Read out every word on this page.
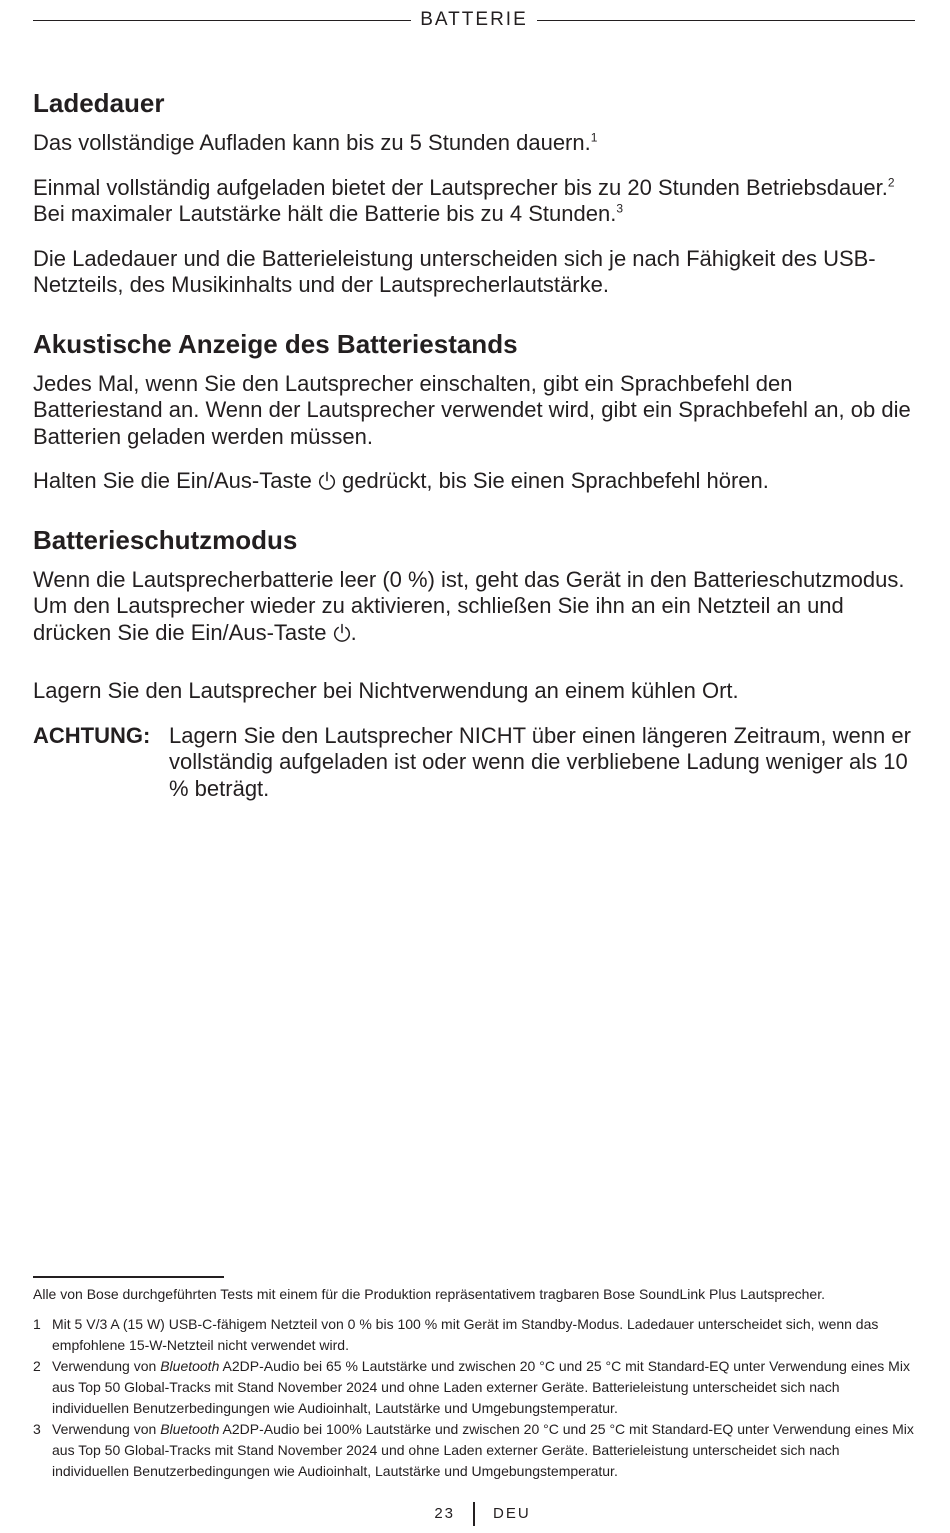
BATTERIE
Ladedauer

Das vollständige Aufladen kann bis zu 5 Stunden dauern.$^1$

Einmal vollständig aufgeladen bietet der Lautsprecher bis zu 20 Stunden Betriebsdauer.$^2$ Bei maximaler Lautstärke hält die Batterie bis zu 4 Stunden.$^3$

Die Ladedauer und die Batterieleistung unterscheiden sich je nach Fähigkeit des USB-Netzteils, des Musikinhalts und der Lautsprecherlautstärke.

Akustische Anzeige des Batteriestands

Jedes Mal, wenn Sie den Lautsprecher einschalten, gibt ein Sprachbefehl den Batteriestand an. Wenn der Lautsprecher verwendet wird, gibt ein Sprachbefehl an, ob die Batterien geladen werden müssen.

Halten Sie die Ein/Aus-Taste  gedrückt, bis Sie einen Sprachbefehl hören.

Batterieschutzmodus

Wenn die Lautsprecherbatterie leer (0 %) ist, geht das Gerät in den Batterieschutzmodus. Um den Lautsprecher wieder zu aktivieren, schließen Sie ihn an ein Netzteil an und drücken Sie die Ein/Aus-Taste .

Lagern Sie den Lautsprecher bei Nichtverwendung an einem kühlen Ort.

ACHTUNG: Lagern Sie den Lautsprecher NICHT über einen längeren Zeitraum, wenn er vollständig aufgeladen ist oder wenn die verbliebene Ladung weniger als 10 % beträgt.
Alle von Bose durchgeführten Tests mit einem für die Produktion repräsentativem tragbaren Bose SoundLink Plus Lautsprecher.
1 Mit 5 V/3 A (15 W) USB-C-fähigem Netzteil von 0 % bis 100 % mit Gerät im Standby-Modus. Ladedauer unterscheidet sich, wenn das empfohlene 15-W-Netzteil nicht verwendet wird.
2 Verwendung von Bluetooth A2DP-Audio bei 65 % Lautstärke und zwischen 20 °C und 25 °C mit Standard-EQ unter Verwendung eines Mix aus Top 50 Global-Tracks mit Stand November 2024 und ohne Laden externer Geräte. Batterieleistung unterscheidet sich nach individuellen Benutzerbedingungen wie Audioinhalt, Lautstärke und Umgebungstemperatur.
3 Verwendung von Bluetooth A2DP-Audio bei 100% Lautstärke und zwischen 20 °C und 25 °C mit Standard-EQ unter Verwendung eines Mix aus Top 50 Global-Tracks mit Stand November 2024 und ohne Laden externer Geräte. Batterieleistung unterscheidet sich nach individuellen Benutzerbedingungen wie Audioinhalt, Lautstärke und Umgebungstemperatur.
23	DEU
